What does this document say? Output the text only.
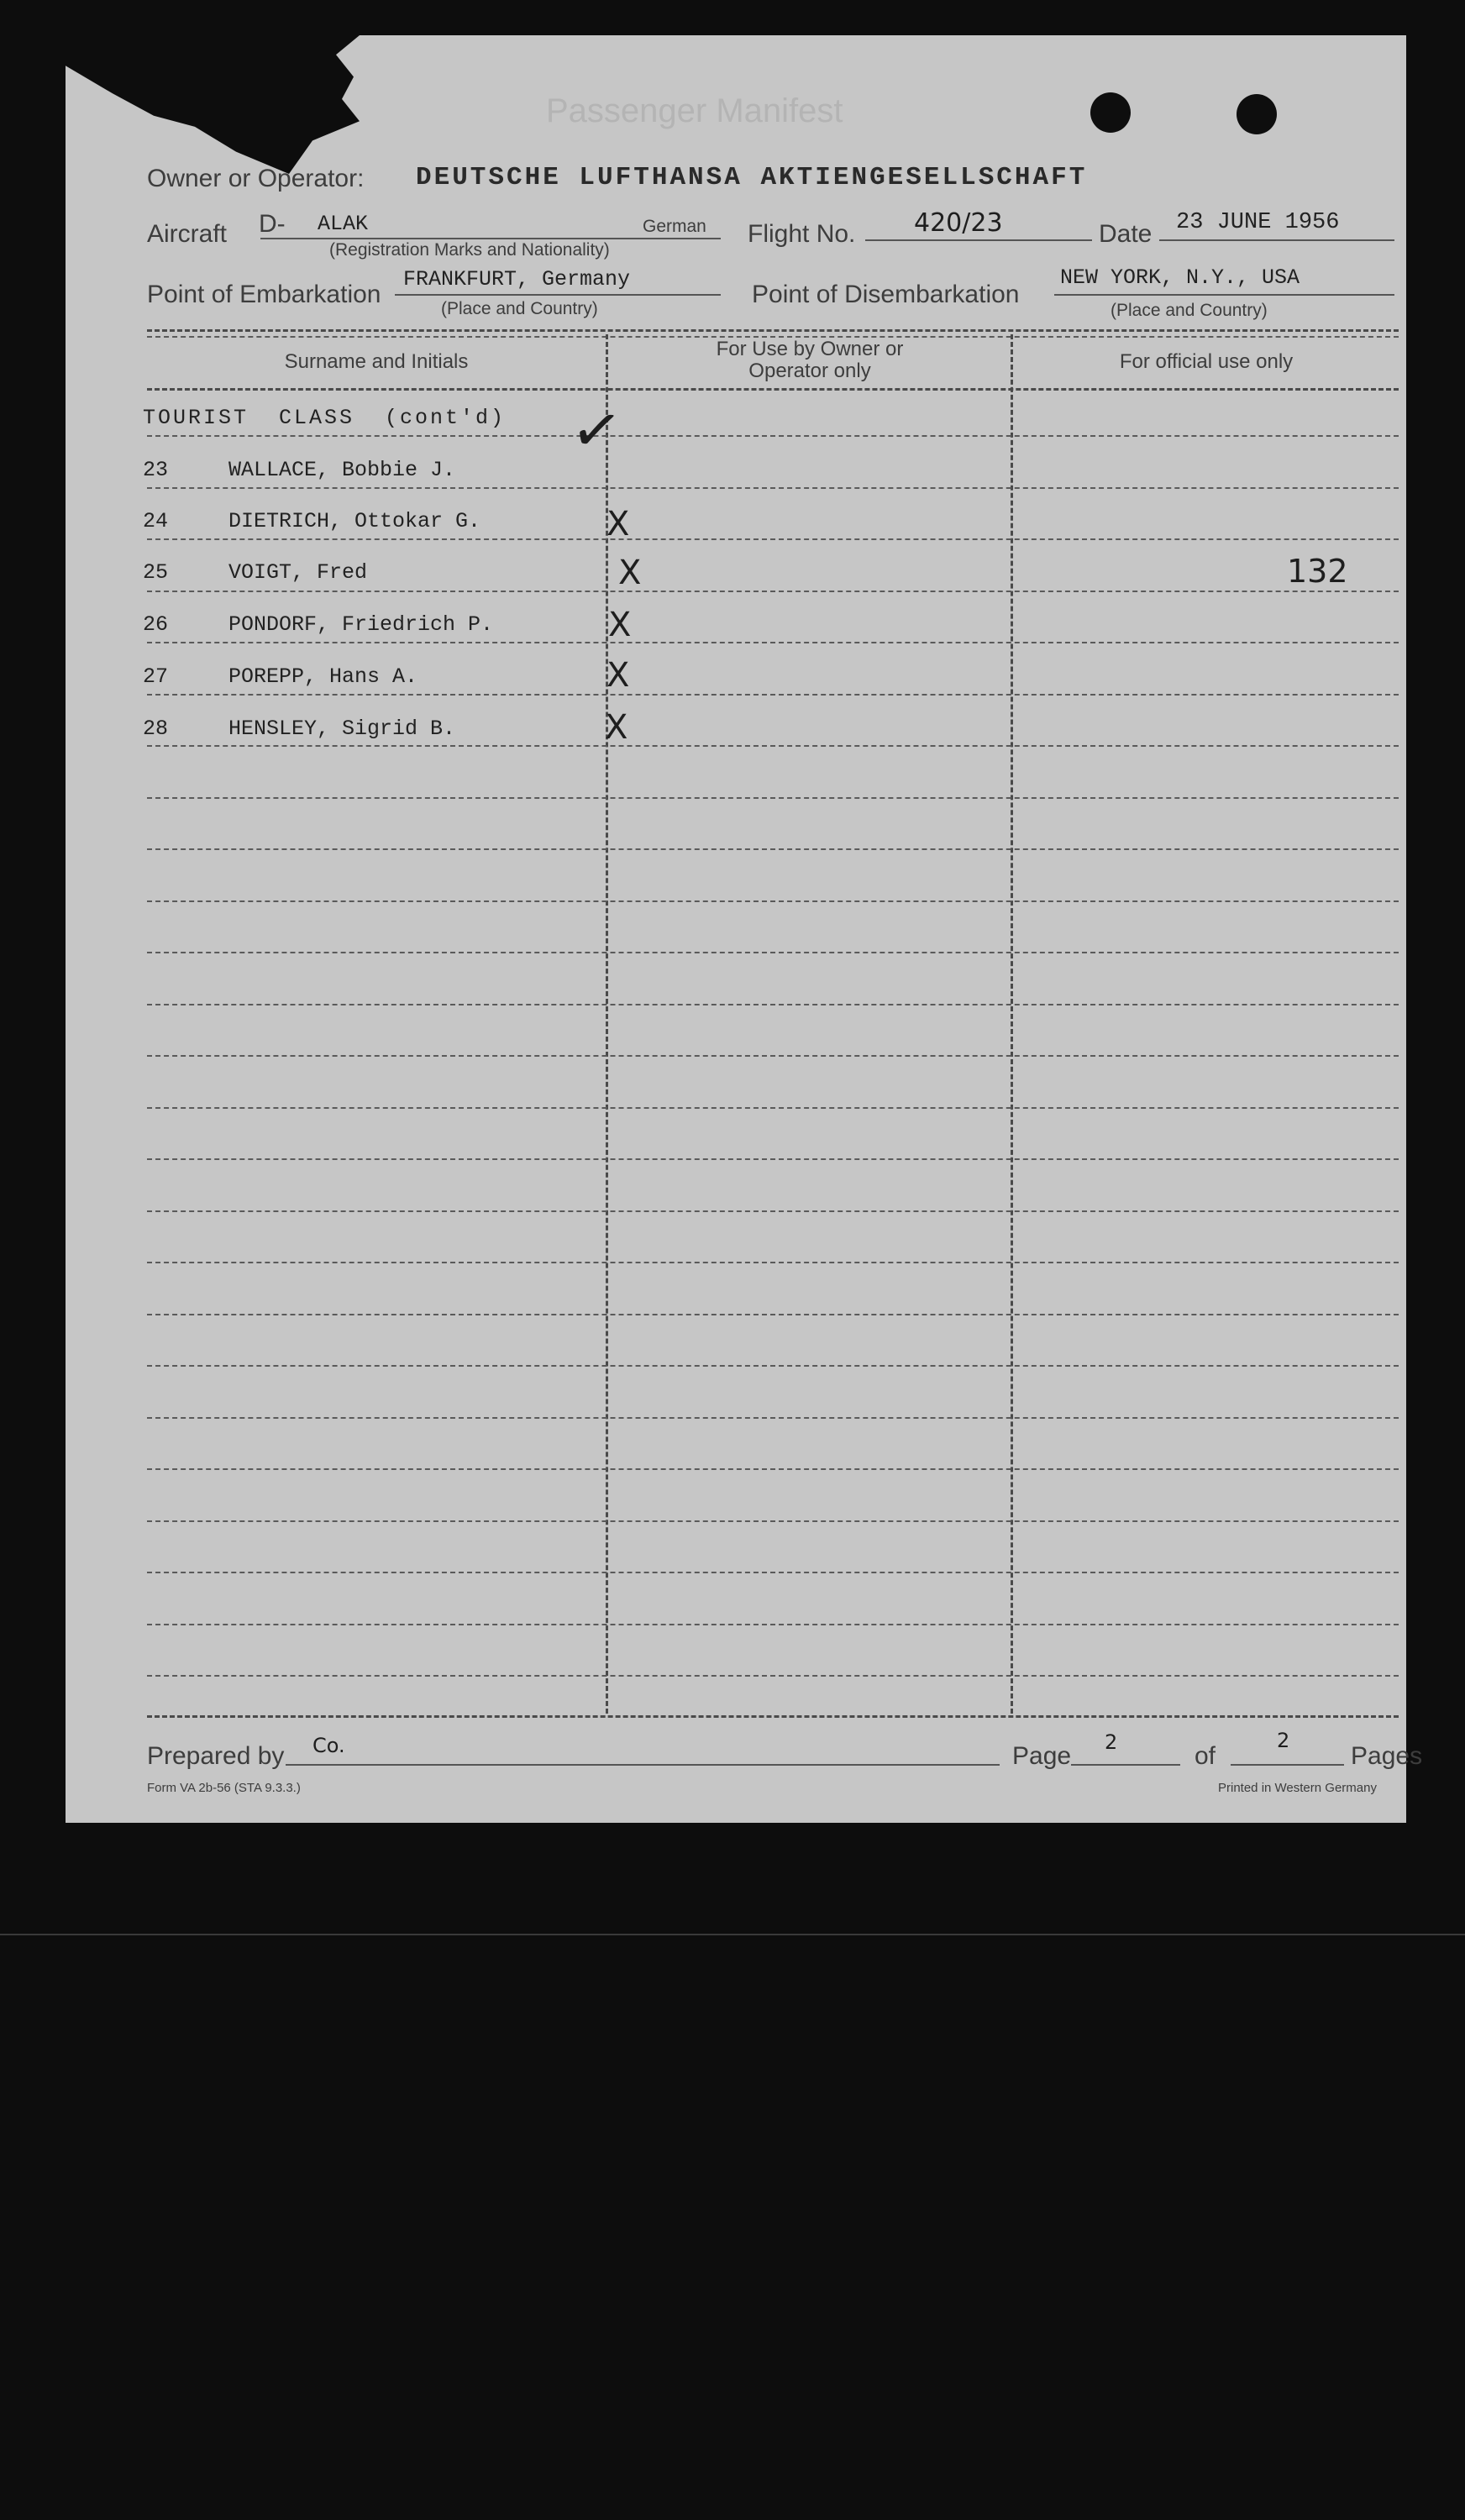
Passenger Manifest
Owner or Operator: DEUTSCHE LUFTHANSA AKTIENGESELLSCHAFT
Aircraft D- ALAK	German
(Registration Marks and Nationality)
Flight No. 420/23	Date 23 JUNE 1956
Point of Embarkation
FRANKFURT, Germany
(Place and Country)
Point of Disembarkation
NEW YORK, N.Y., USA
(Place and Country)
Surname and Initials
For Use by Owner or Operator only	For official use only
TOURIST CLASS (cont'd) ✓
23	WALLACE, Bobbie J.
24	DIETRICH, Ottokar G.	X
25	VOIGT, Fred	X	132
26	PONDORF, Friedrich P.	X
27	POREPP, Hans A.	X
28	HENSLEY, Sigrid B.	X
Prepared by Co.	Page 2	of
2
Pages
Form VA 2b-56 (STA 9.3.3.)	Printed in Western Germany
